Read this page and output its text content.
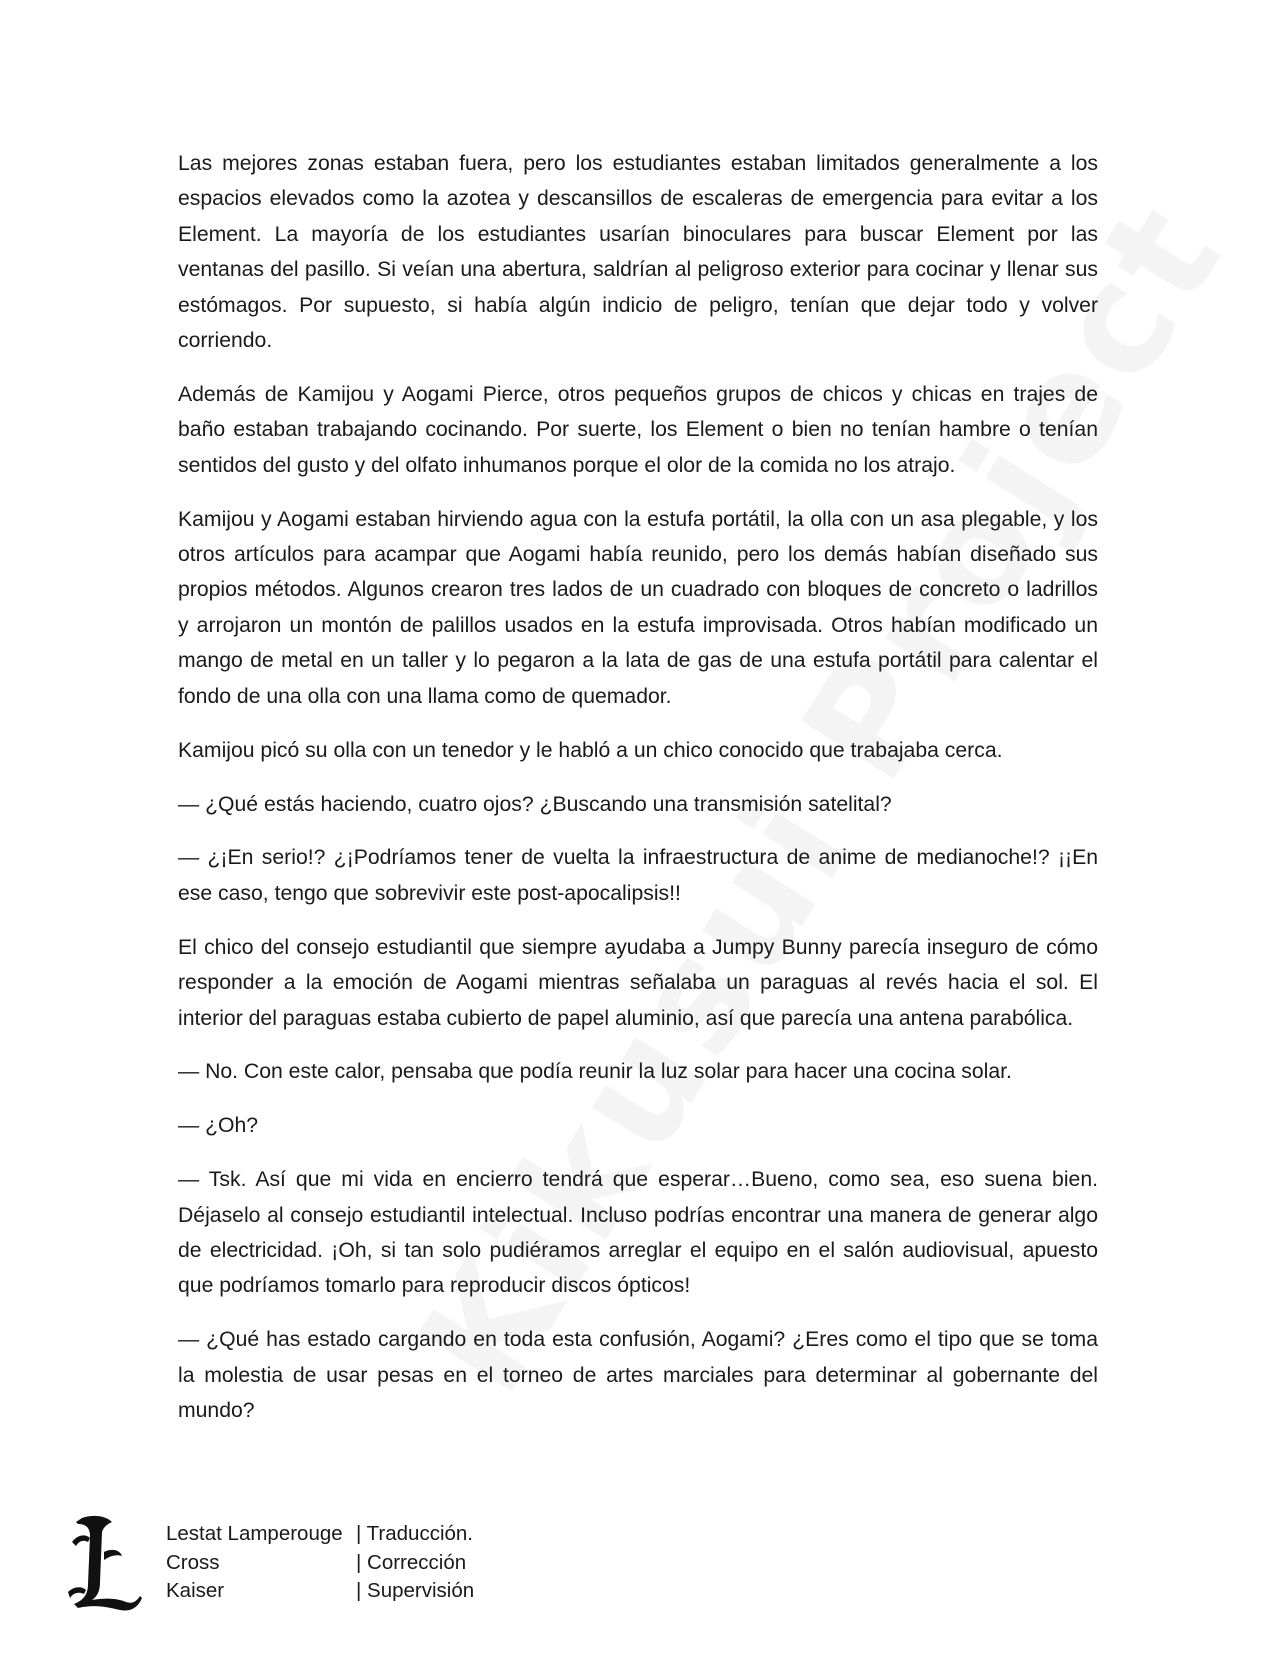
Las mejores zonas estaban fuera, pero los estudiantes estaban limitados generalmente a los espacios elevados como la azotea y descansillos de escaleras de emergencia para evitar a los Element. La mayoría de los estudiantes usarían binoculares para buscar Element por las ventanas del pasillo. Si veían una abertura, saldrían al peligroso exterior para cocinar y llenar sus estómagos. Por supuesto, si había algún indicio de peligro, tenían que dejar todo y volver corriendo.

Además de Kamijou y Aogami Pierce, otros pequeños grupos de chicos y chicas en trajes de baño estaban trabajando cocinando. Por suerte, los Element o bien no tenían hambre o tenían sentidos del gusto y del olfato inhumanos porque el olor de la comida no los atrajo.

Kamijou y Aogami estaban hirviendo agua con la estufa portátil, la olla con un asa plegable, y los otros artículos para acampar que Aogami había reunido, pero los demás habían diseñado sus propios métodos. Algunos crearon tres lados de un cuadrado con bloques de concreto o ladrillos y arrojaron un montón de palillos usados en la estufa improvisada. Otros habían modificado un mango de metal en un taller y lo pegaron a la lata de gas de una estufa portátil para calentar el fondo de una olla con una llama como de quemador.

Kamijou picó su olla con un tenedor y le habló a un chico conocido que trabajaba cerca.

— ¿Qué estás haciendo, cuatro ojos? ¿Buscando una transmisión satelital?

— ¿¡En serio!? ¿¡Podríamos tener de vuelta la infraestructura de anime de medianoche!? ¡¡En ese caso, tengo que sobrevivir este post-apocalipsis!!

El chico del consejo estudiantil que siempre ayudaba a Jumpy Bunny parecía inseguro de cómo responder a la emoción de Aogami mientras señalaba un paraguas al revés hacia el sol. El interior del paraguas estaba cubierto de papel aluminio, así que parecía una antena parabólica.

— No. Con este calor, pensaba que podía reunir la luz solar para hacer una cocina solar.

— ¿Oh?

— Tsk. Así que mi vida en encierro tendrá que esperar…Bueno, como sea, eso suena bien. Déjaselo al consejo estudiantil intelectual. Incluso podrías encontrar una manera de generar algo de electricidad. ¡Oh, si tan solo pudiéramos arreglar el equipo en el salón audiovisual, apuesto que podríamos tomarlo para reproducir discos ópticos!

— ¿Qué has estado cargando en toda esta confusión, Aogami? ¿Eres como el tipo que se toma la molestia de usar pesas en el torneo de artes marciales para determinar al gobernante del mundo?

Lestat Lamperouge | Traducción.
Cross	| Corrección
Kaiser	| Supervisión
